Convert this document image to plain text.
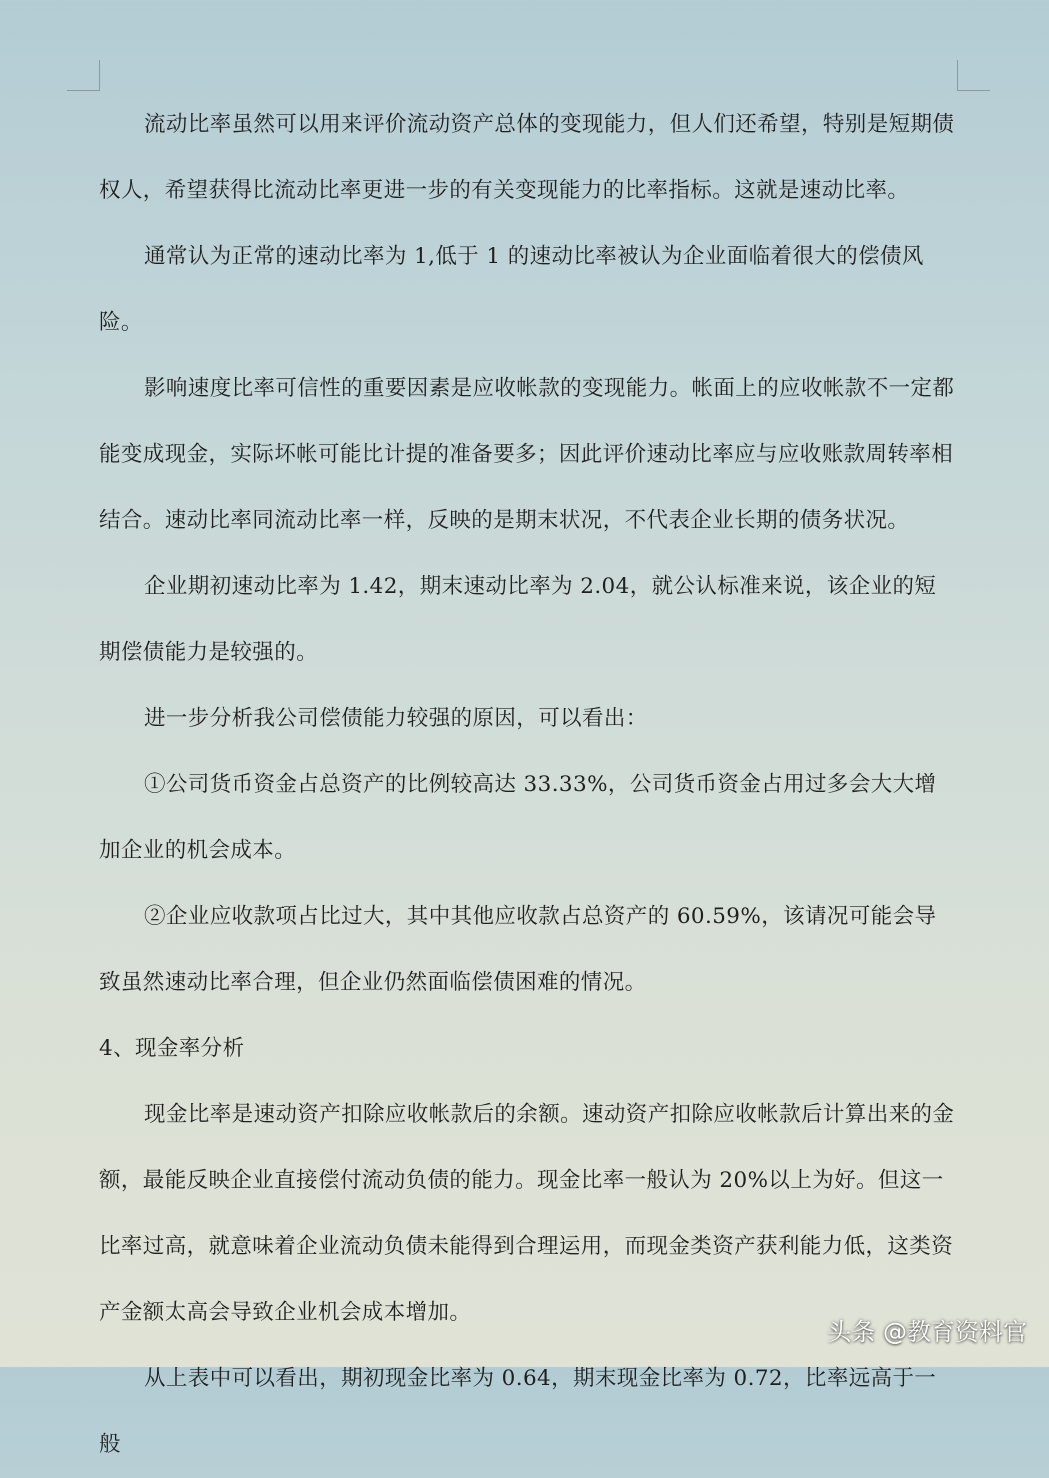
流动比率虽然可以用来评价流动资产总体的变现能力，但人们还希望，特别是短期债权人，希望获得比流动比率更进一步的有关变现能力的比率指标。这就是速动比率。

通常认为正常的速动比率为 1,低于 1 的速动比率被认为企业面临着很大的偿债风险。

影响速度比率可信性的重要因素是应收帐款的变现能力。帐面上的应收帐款不一定都能变成现金，实际坏帐可能比计提的准备要多；因此评价速动比率应与应收账款周转率相结合。速动比率同流动比率一样，反映的是期末状况，不代表企业长期的债务状况。

企业期初速动比率为 1.42，期末速动比率为 2.04，就公认标准来说，该企业的短期偿债能力是较强的。

进一步分析我公司偿债能力较强的原因，可以看出：

①公司货币资金占总资产的比例较高达 33.33%，公司货币资金占用过多会大大增加企业的机会成本。

②企业应收款项占比过大，其中其他应收款占总资产的 60.59%，该请况可能会导致虽然速动比率合理，但企业仍然面临偿债困难的情况。

4、现金率分析

现金比率是速动资产扣除应收帐款后的余额。速动资产扣除应收帐款后计算出来的金额，最能反映企业直接偿付流动负债的能力。现金比率一般认为 20%以上为好。但这一比率过高，就意味着企业流动负债未能得到合理运用，而现金类资产获利能力低，这类资产金额太高会导致企业机会成本增加。

从上表中可以看出，期初现金比率为 0.64，期末现金比率为 0.72，比率远高于一般

头条 @教育资料官
